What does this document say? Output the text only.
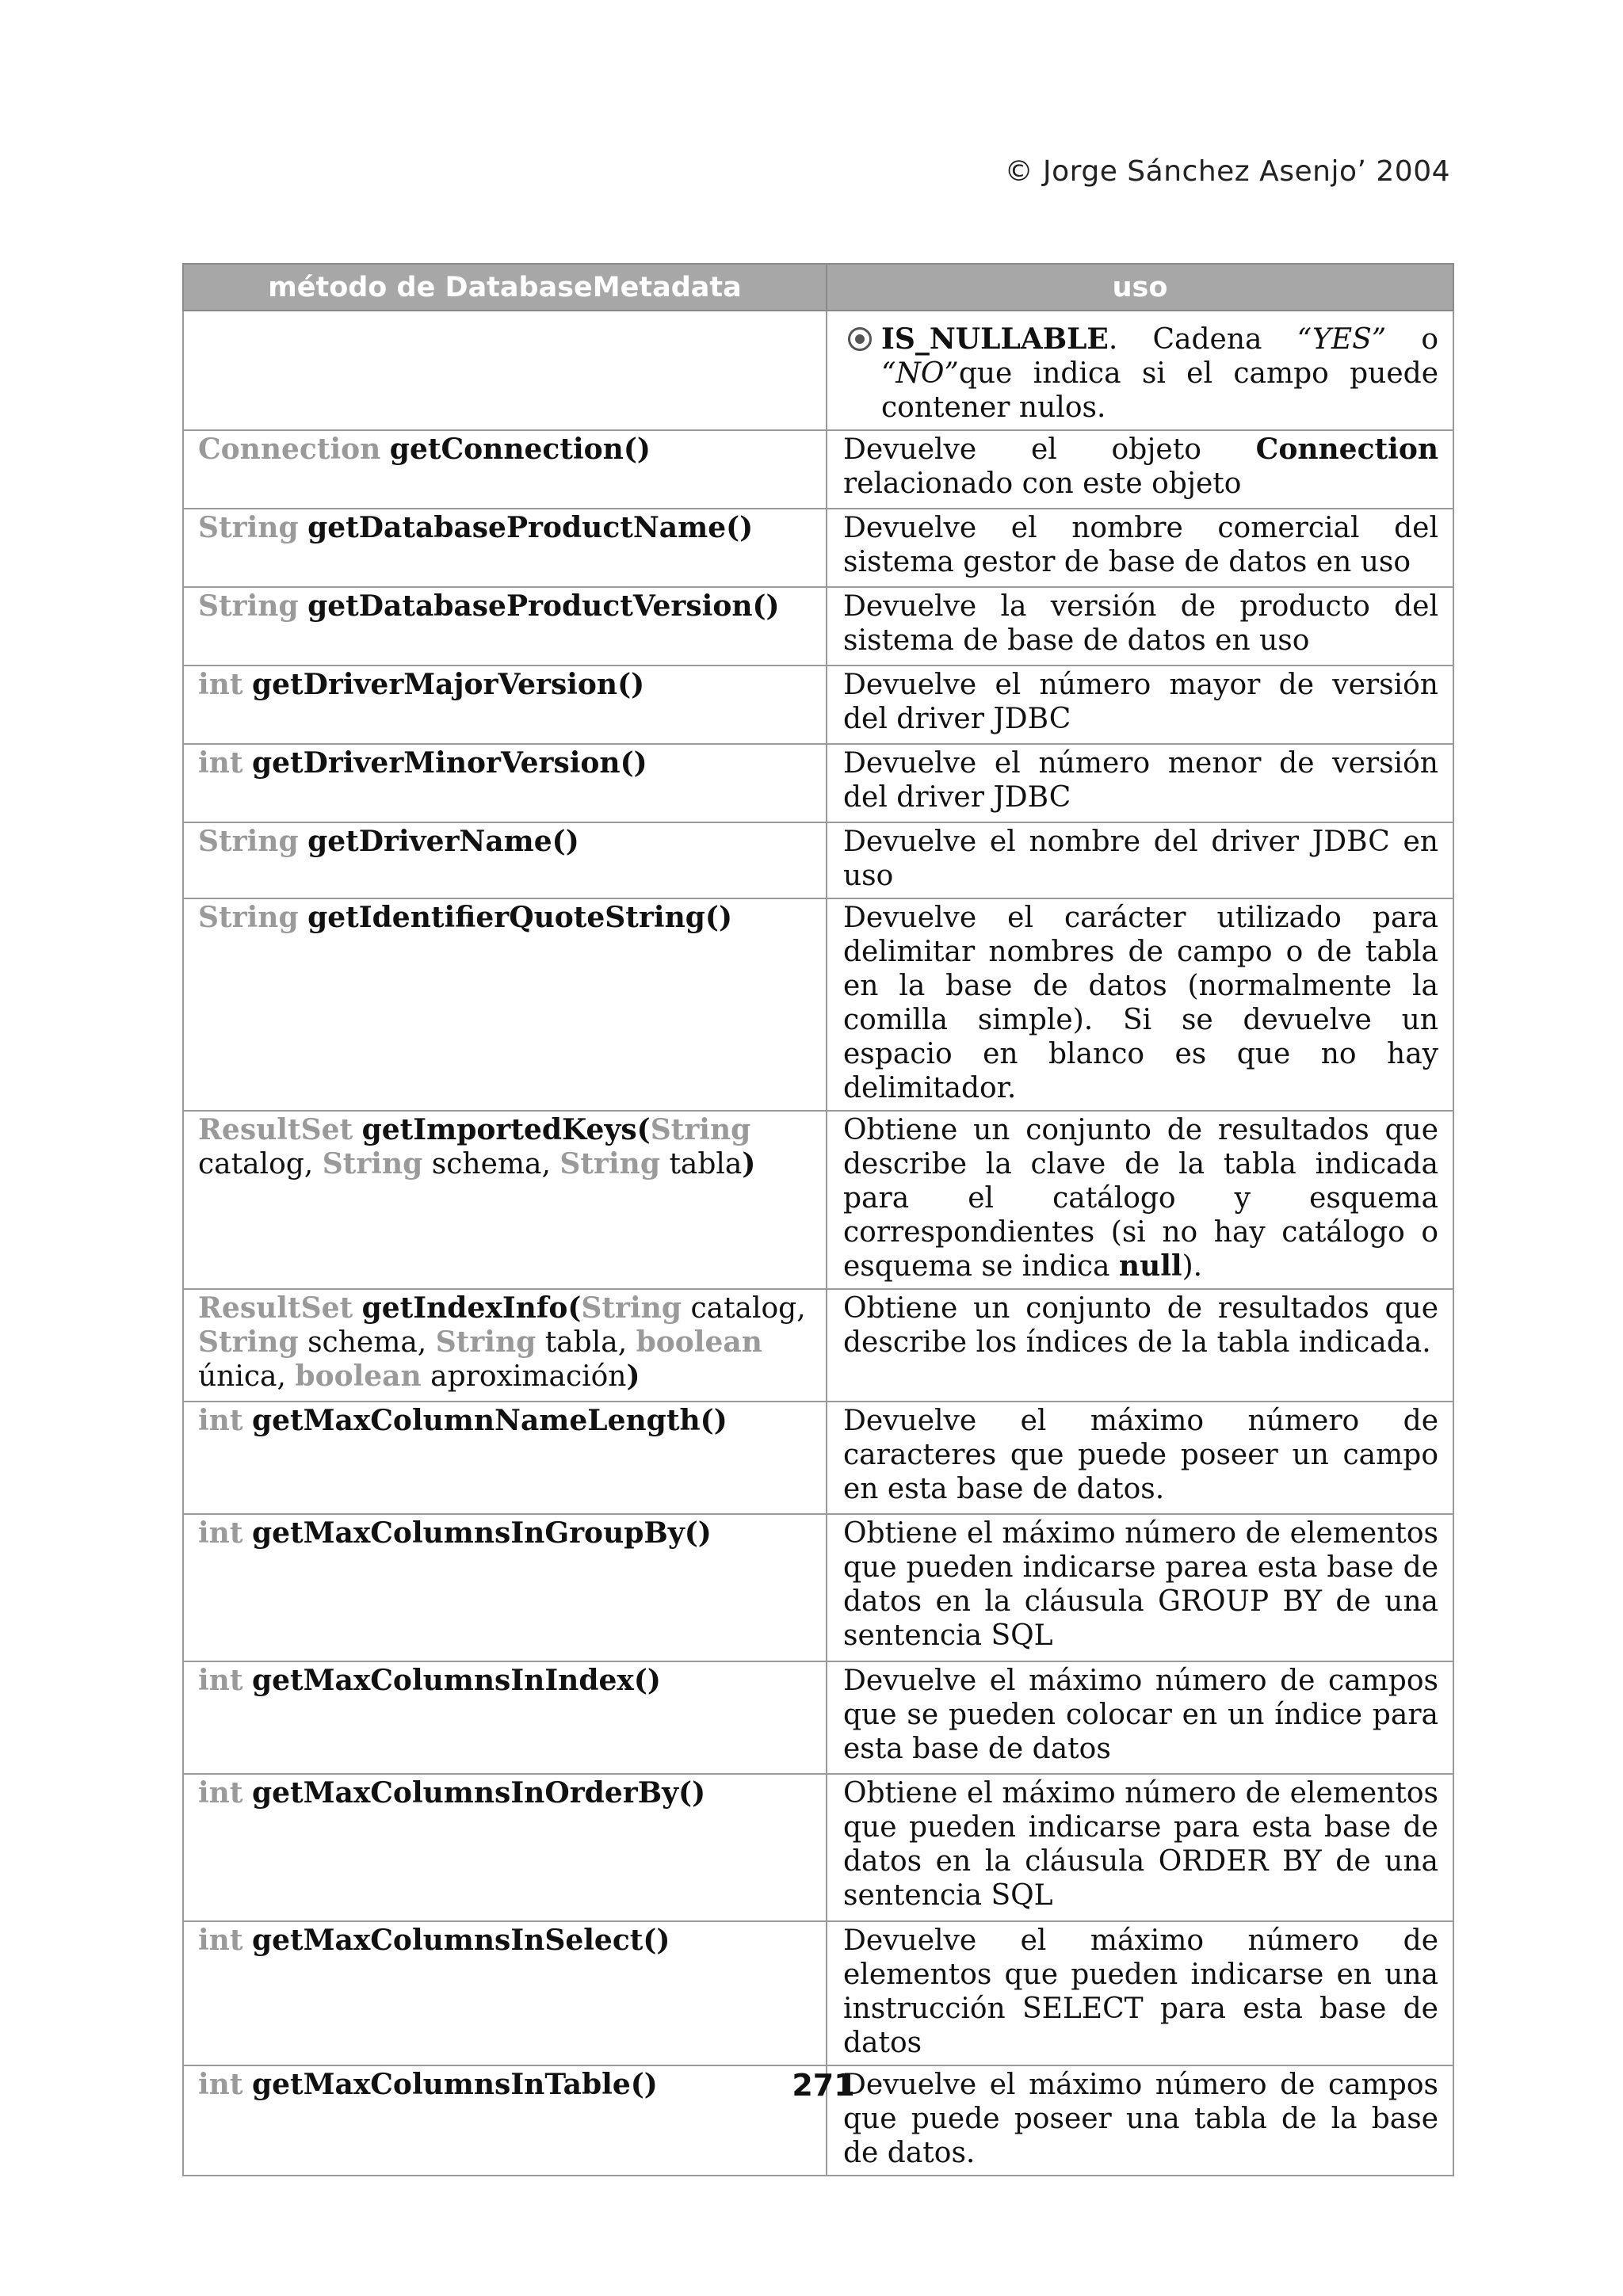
© Jorge Sánchez Asenjo’ 2004
método de DatabaseMetadata	uso

	IS_NULLABLE. Cadena “YES” o “NO”que indica si el campo puede contener nulos.

Connection getConnection()	Devuelve el objeto Connection relacionado con este objeto
String getDatabaseProductName()	Devuelve el nombre comercial del sistema gestor de base de datos en uso
String getDatabaseProductVersion()	Devuelve la versión de producto del sistema de base de datos en uso
int getDriverMajorVersion()	Devuelve el número mayor de versión del driver JDBC
int getDriverMinorVersion()	Devuelve el número menor de versión del driver JDBC
String getDriverName()	Devuelve el nombre del driver JDBC en uso
String getIdentifierQuoteString()	Devuelve el carácter utilizado para delimitar nombres de campo o de tabla en la base de datos (normalmente la comilla simple). Si se devuelve un espacio en blanco es que no hay delimitador.
ResultSet getImportedKeys(String catalog, String schema, String tabla)	Obtiene un conjunto de resultados que describe la clave de la tabla indicada para el catálogo y esquema correspondientes (si no hay catálogo o esquema se indica null).
ResultSet getIndexInfo(String catalog, String schema, String tabla, boolean única, boolean aproximación)	Obtiene un conjunto de resultados que describe los índices de la tabla indicada.
int getMaxColumnNameLength()	Devuelve el máximo número de caracteres que puede poseer un campo en esta base de datos.
int getMaxColumnsInGroupBy()	Obtiene el máximo número de elementos que pueden indicarse parea esta base de datos en la cláusula GROUP BY de una sentencia SQL
int getMaxColumnsInIndex()	Devuelve el máximo número de campos que se pueden colocar en un índice para esta base de datos
int getMaxColumnsInOrderBy()	Obtiene el máximo número de elementos que pueden indicarse para esta base de datos en la cláusula ORDER BY de una sentencia SQL
int getMaxColumnsInSelect()	Devuelve el máximo número de elementos que pueden indicarse en una instrucción SELECT para esta base de datos
int getMaxColumnsInTable()	Devuelve el máximo número de campos que puede poseer una tabla de la base de datos.
271
